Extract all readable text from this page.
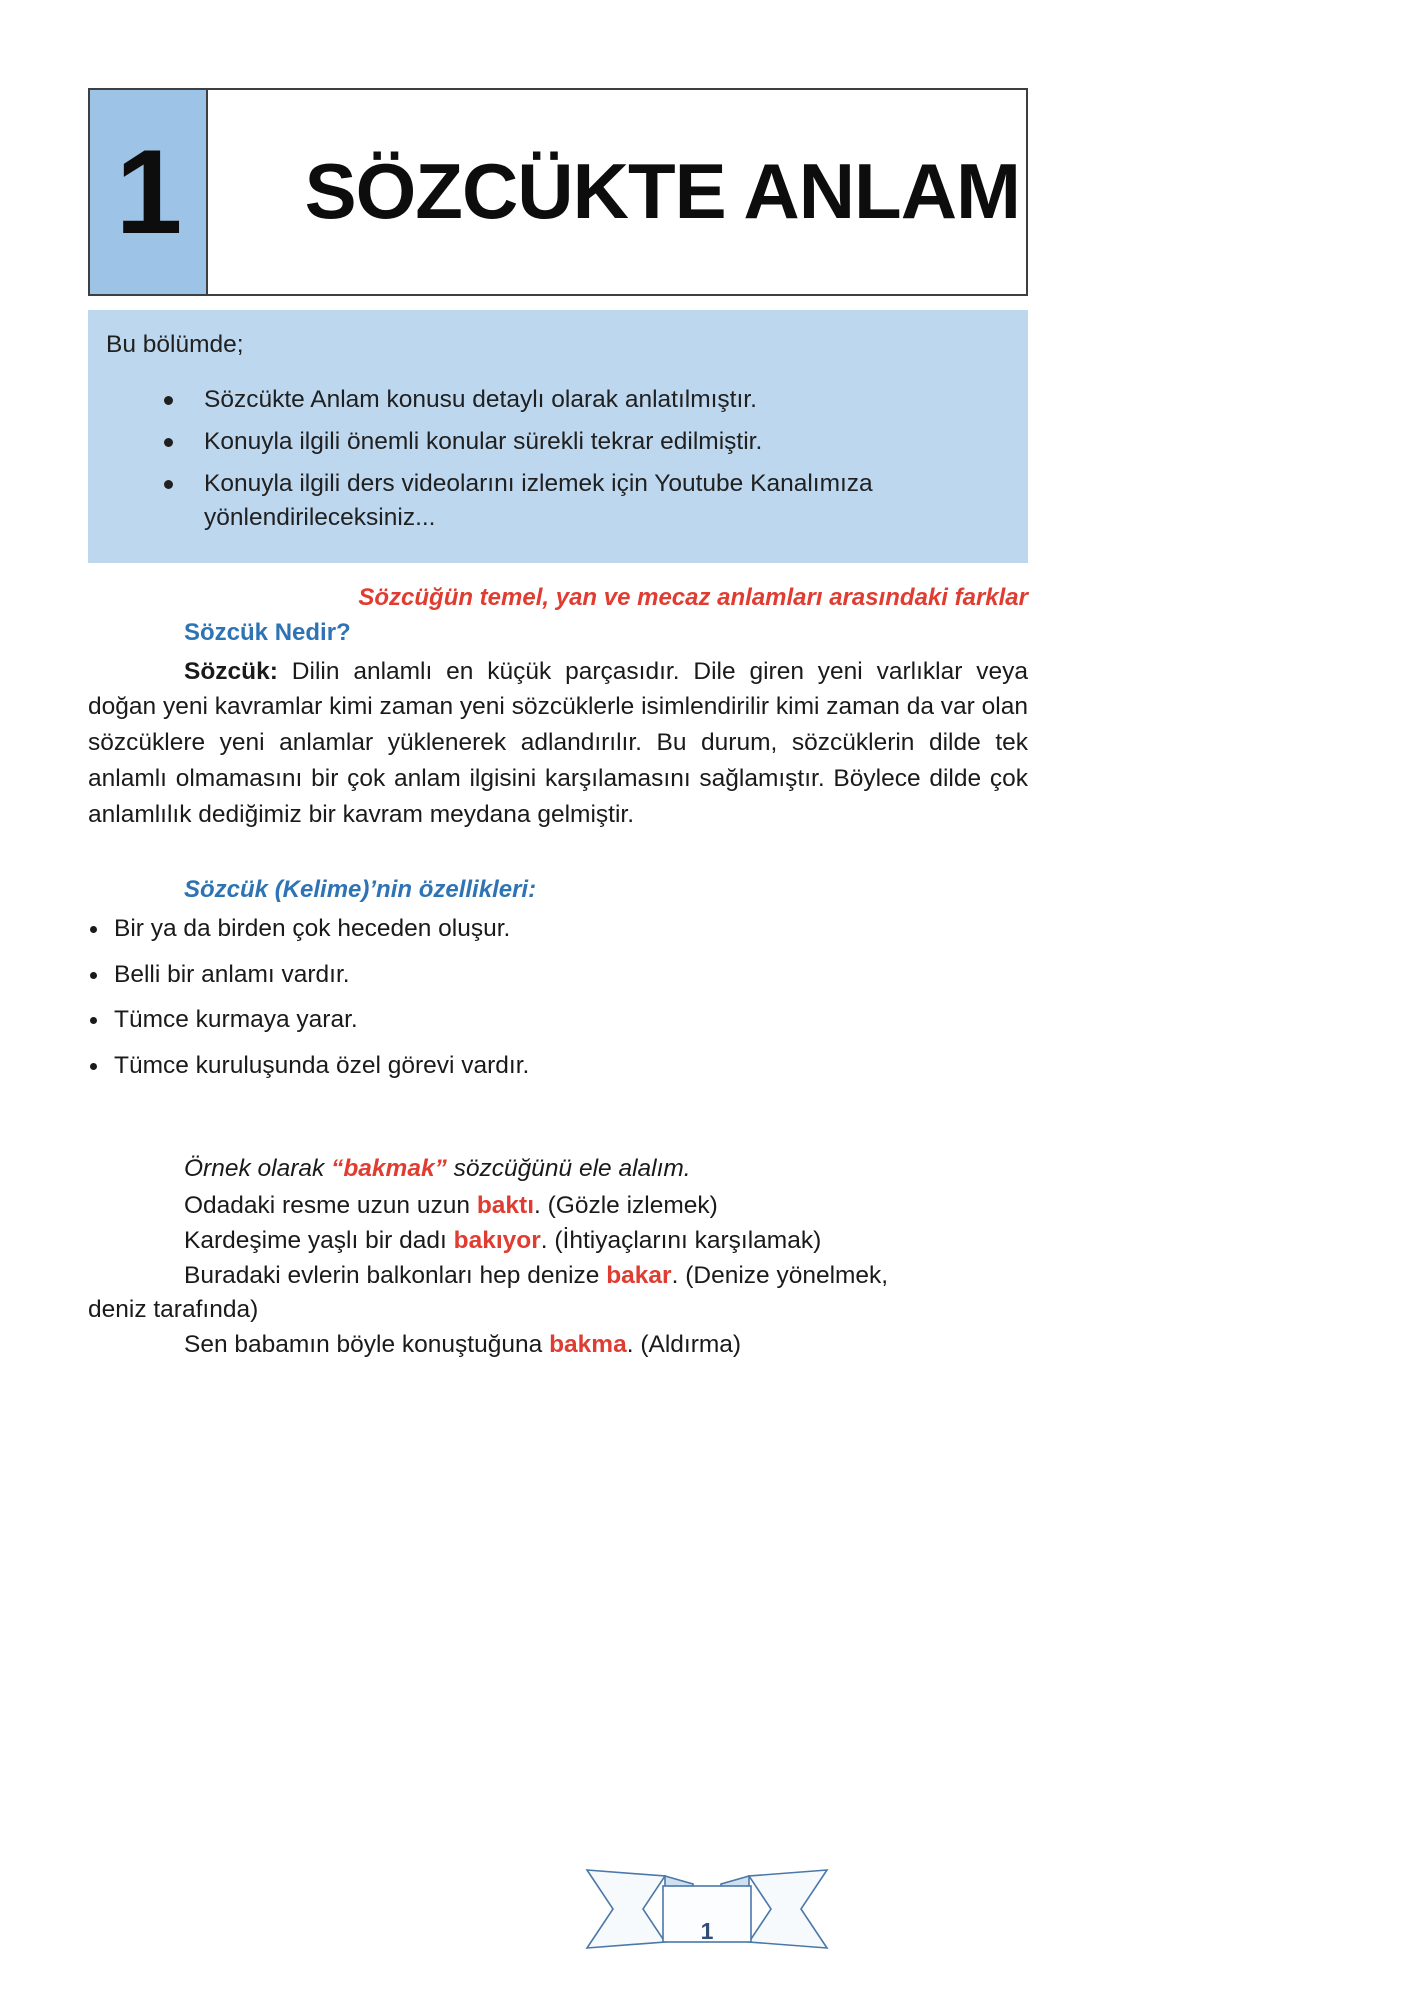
1 SÖZCÜKTE ANLAM

Bu bölümde;

Sözcükte Anlam konusu detaylı olarak anlatılmıştır.
Konuyla ilgili önemli konular sürekli tekrar edilmiştir.
Konuyla ilgili ders videolarını izlemek için Youtube Kanalımıza yönlendirileceksiniz...

Sözcüğün temel, yan ve mecaz anlamları arasındaki farklar

Sözcük Nedir?

Sözcük: Dilin anlamlı en küçük parçasıdır. Dile giren yeni varlıklar veya doğan yeni kavramlar kimi zaman yeni sözcüklerle isimlendirilir kimi zaman da var olan sözcüklere yeni anlamlar yüklenerek adlandırılır. Bu durum, sözcüklerin dilde tek anlamlı olmamasını bir çok anlam ilgisini karşılamasını sağlamıştır. Böylece dilde çok anlamlılık dediğimiz bir kavram meydana gelmiştir.

Sözcük (Kelime)’nin özellikleri:

Bir ya da birden çok heceden oluşur.
Belli bir anlamı vardır.
Tümce kurmaya yarar.
Tümce kuruluşunda özel görevi vardır.

Örnek olarak “bakmak” sözcüğünü ele alalım.

Odadaki resme uzun uzun baktı. (Gözle izlemek)

Kardeşime yaşlı bir dadı bakıyor. (İhtiyaçlarını karşılamak)

Buradaki evlerin balkonları hep denize bakar. (Denize yönelmek,

deniz tarafında)

Sen babamın böyle konuştuğuna bakma. (Aldırma)

1
